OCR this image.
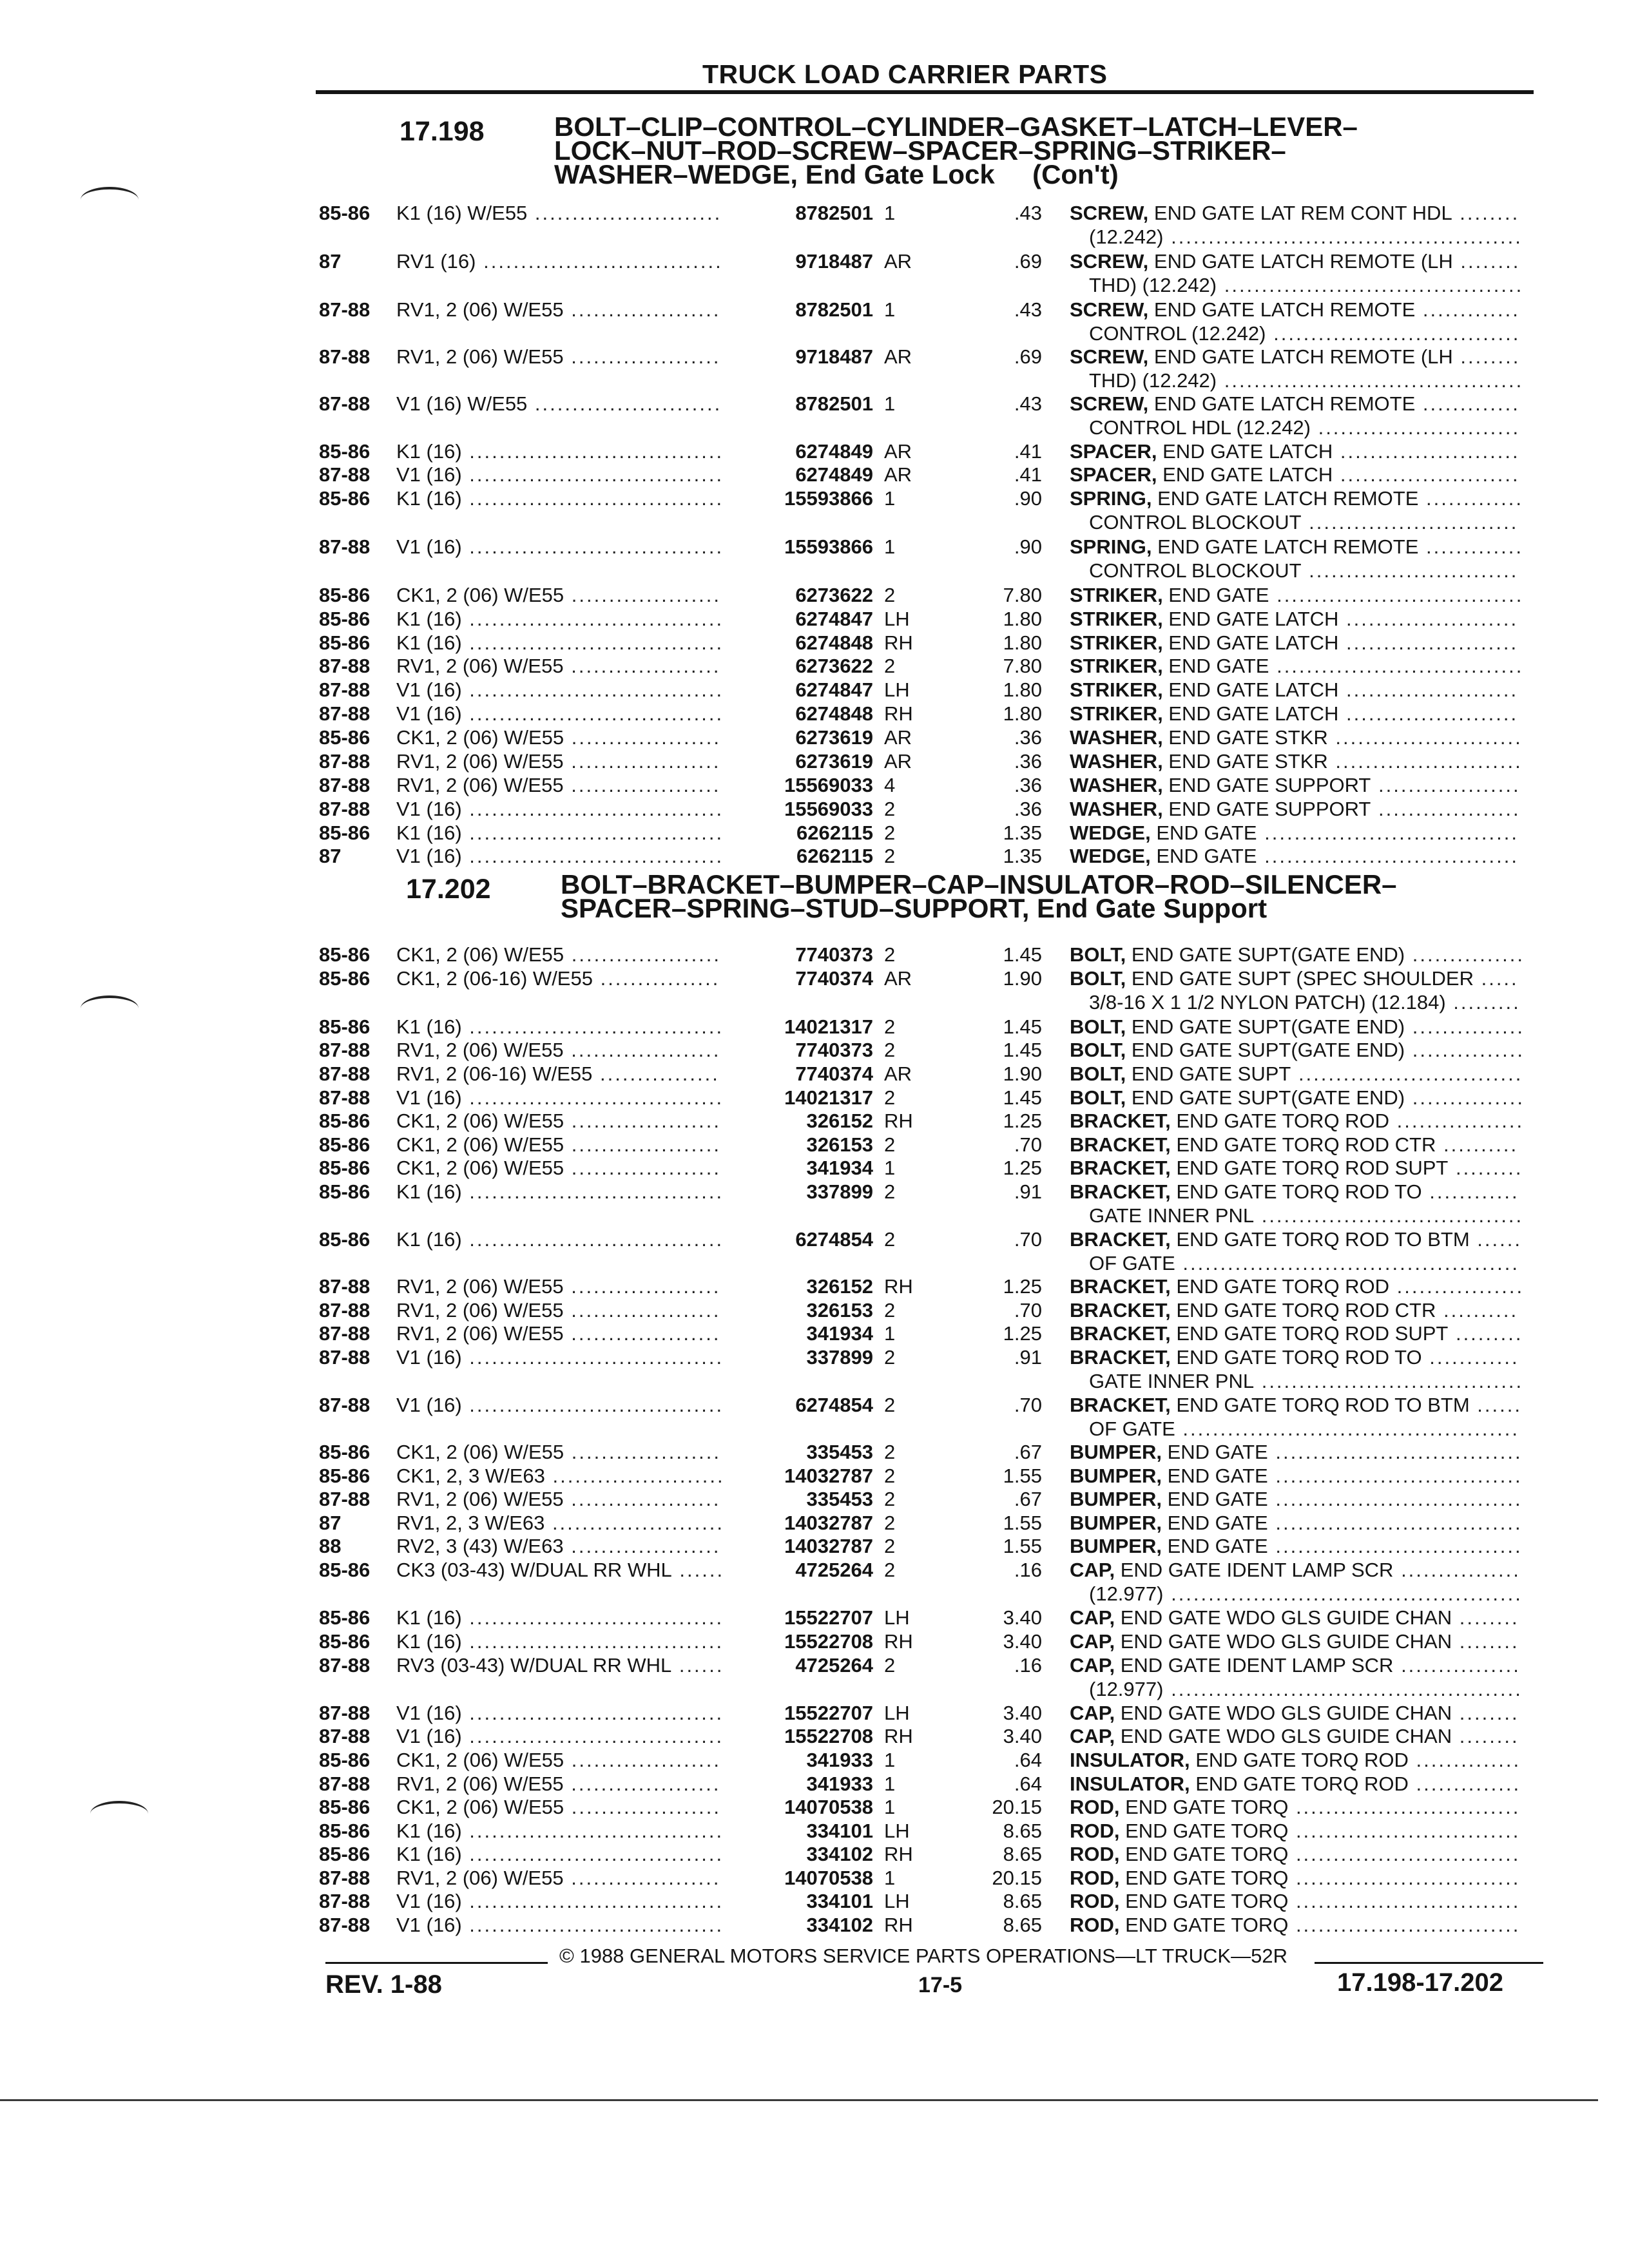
TRUCK LOAD CARRIER PARTS
17.198	BOLT–CLIP–CONTROL–CYLINDER–GASKET–LATCH–LEVER–
LOCK–NUT–ROD–SCREW–SPACER–SPRING–STRIKER–
WASHER–WEDGE, End Gate Lock     (Con't)
17.202	BOLT–BRACKET–BUMPER–CAP–INSULATOR–ROD–SILENCER–
SPACER–SPRING–STUD–SUPPORT, End Gate Support
85-86 K1 (16) W/E55 .........................	8782501 1	.43 SCREW, END GATE LAT REM CONT HDL ........
(12.242) ...............................................
87	RV1 (16) ................................	9718487 AR	.69 SCREW, END GATE LATCH REMOTE (LH ........
THD) (12.242) ........................................
87-88 RV1, 2 (06) W/E55 ....................	8782501 1	.43 SCREW, END GATE LATCH REMOTE .............
CONTROL (12.242) .................................
87-88 RV1, 2 (06) W/E55 ....................	9718487 AR	.69 SCREW, END GATE LATCH REMOTE (LH ........
THD) (12.242) ........................................
87-88 V1 (16) W/E55 .........................	8782501 1	.43 SCREW, END GATE LATCH REMOTE .............
CONTROL HDL (12.242) ...........................
85-86 K1 (16) ..................................	6274849 AR	.41 SPACER, END GATE LATCH ........................
87-88 V1 (16) ..................................	6274849 AR	.41 SPACER, END GATE LATCH ........................
85-86 K1 (16) ..................................	15593866 1	.90 SPRING, END GATE LATCH REMOTE .............
CONTROL BLOCKOUT ............................
87-88 V1 (16) ..................................	15593866 1	.90 SPRING, END GATE LATCH REMOTE .............
CONTROL BLOCKOUT ............................
85-86 CK1, 2 (06) W/E55 ....................	6273622 2	7.80 STRIKER, END GATE .................................
85-86 K1 (16) ..................................	6274847 LH	1.80 STRIKER, END GATE LATCH .......................
85-86 K1 (16) ..................................	6274848 RH	1.80 STRIKER, END GATE LATCH .......................
87-88 RV1, 2 (06) W/E55 ....................	6273622 2	7.80 STRIKER, END GATE .................................
87-88 V1 (16) ..................................	6274847 LH	1.80 STRIKER, END GATE LATCH .......................
87-88 V1 (16) ..................................	6274848 RH	1.80 STRIKER, END GATE LATCH .......................
85-86 CK1, 2 (06) W/E55 ....................	6273619 AR	.36 WASHER, END GATE STKR .........................
87-88 RV1, 2 (06) W/E55 ....................	6273619 AR	.36 WASHER, END GATE STKR .........................
87-88 RV1, 2 (06) W/E55 ....................	15569033 4	.36 WASHER, END GATE SUPPORT ...................
87-88 V1 (16) ..................................	15569033 2	.36 WASHER, END GATE SUPPORT ...................
85-86 K1 (16) ..................................	6262115 2	1.35 WEDGE, END GATE ..................................
87	V1 (16) ..................................	6262115 2	1.35 WEDGE, END GATE ..................................
85-86 CK1, 2 (06) W/E55 ....................	7740373 2	1.45 BOLT, END GATE SUPT(GATE END) ...............
85-86 CK1, 2 (06-16) W/E55 ................	7740374 AR	1.90 BOLT, END GATE SUPT (SPEC SHOULDER .....
3/8-16 X 1 1/2 NYLON PATCH) (12.184) .........
85-86 K1 (16) ..................................	14021317 2	1.45 BOLT, END GATE SUPT(GATE END) ...............
87-88 RV1, 2 (06) W/E55 ....................	7740373 2	1.45 BOLT, END GATE SUPT(GATE END) ...............
87-88 RV1, 2 (06-16) W/E55 ................	7740374 AR	1.90 BOLT, END GATE SUPT ..............................
87-88 V1 (16) ..................................	14021317 2	1.45 BOLT, END GATE SUPT(GATE END) ...............
85-86 CK1, 2 (06) W/E55 ....................	326152 RH	1.25 BRACKET, END GATE TORQ ROD .................
85-86 CK1, 2 (06) W/E55 ....................	326153 2	.70 BRACKET, END GATE TORQ ROD CTR ..........
85-86 CK1, 2 (06) W/E55 ....................	341934 1	1.25 BRACKET, END GATE TORQ ROD SUPT .........
85-86 K1 (16) ..................................	337899 2	.91 BRACKET, END GATE TORQ ROD TO ............
GATE INNER PNL ...................................
85-86 K1 (16) ..................................	6274854 2	.70 BRACKET, END GATE TORQ ROD TO BTM ......
OF GATE .............................................
87-88 RV1, 2 (06) W/E55 ....................	326152 RH	1.25 BRACKET, END GATE TORQ ROD .................
87-88 RV1, 2 (06) W/E55 ....................	326153 2	.70 BRACKET, END GATE TORQ ROD CTR ..........
87-88 RV1, 2 (06) W/E55 ....................	341934 1	1.25 BRACKET, END GATE TORQ ROD SUPT .........
87-88 V1 (16) ..................................	337899 2	.91 BRACKET, END GATE TORQ ROD TO ............
GATE INNER PNL ...................................
87-88 V1 (16) ..................................	6274854 2	.70 BRACKET, END GATE TORQ ROD TO BTM ......
OF GATE .............................................
85-86 CK1, 2 (06) W/E55 ....................	335453 2	.67 BUMPER, END GATE .................................
85-86 CK1, 2, 3 W/E63 .......................	14032787 2	1.55 BUMPER, END GATE .................................
87-88 RV1, 2 (06) W/E55 ....................	335453 2	.67 BUMPER, END GATE .................................
87	RV1, 2, 3 W/E63 .......................	14032787 2	1.55 BUMPER, END GATE .................................
88	RV2, 3 (43) W/E63 ....................	14032787 2	1.55 BUMPER, END GATE .................................
85-86 CK3 (03-43) W/DUAL RR WHL ......	4725264 2	.16 CAP, END GATE IDENT LAMP SCR ................
(12.977) ...............................................
85-86 K1 (16) ..................................	15522707 LH	3.40 CAP, END GATE WDO GLS GUIDE CHAN ........
85-86 K1 (16) ..................................	15522708 RH	3.40 CAP, END GATE WDO GLS GUIDE CHAN ........
87-88 RV3 (03-43) W/DUAL RR WHL ......	4725264 2	.16 CAP, END GATE IDENT LAMP SCR ................
(12.977) ...............................................
87-88 V1 (16) ..................................	15522707 LH	3.40 CAP, END GATE WDO GLS GUIDE CHAN ........
87-88 V1 (16) ..................................	15522708 RH	3.40 CAP, END GATE WDO GLS GUIDE CHAN ........
85-86 CK1, 2 (06) W/E55 ....................	341933 1	.64 INSULATOR, END GATE TORQ ROD ..............
87-88 RV1, 2 (06) W/E55 ....................	341933 1	.64 INSULATOR, END GATE TORQ ROD ..............
85-86 CK1, 2 (06) W/E55 ....................	14070538 1	20.15 ROD, END GATE TORQ ..............................
85-86 K1 (16) ..................................	334101 LH	8.65 ROD, END GATE TORQ ..............................
85-86 K1 (16) ..................................	334102 RH	8.65 ROD, END GATE TORQ ..............................
87-88 RV1, 2 (06) W/E55 ....................	14070538 1	20.15 ROD, END GATE TORQ ..............................
87-88 V1 (16) ..................................	334101 LH	8.65 ROD, END GATE TORQ ..............................
87-88 V1 (16) ..................................	334102 RH	8.65 ROD, END GATE TORQ ..............................
© 1988 GENERAL MOTORS SERVICE PARTS OPERATIONS—LT TRUCK—52R
REV. 1-88	17-5	17.198-17.202
